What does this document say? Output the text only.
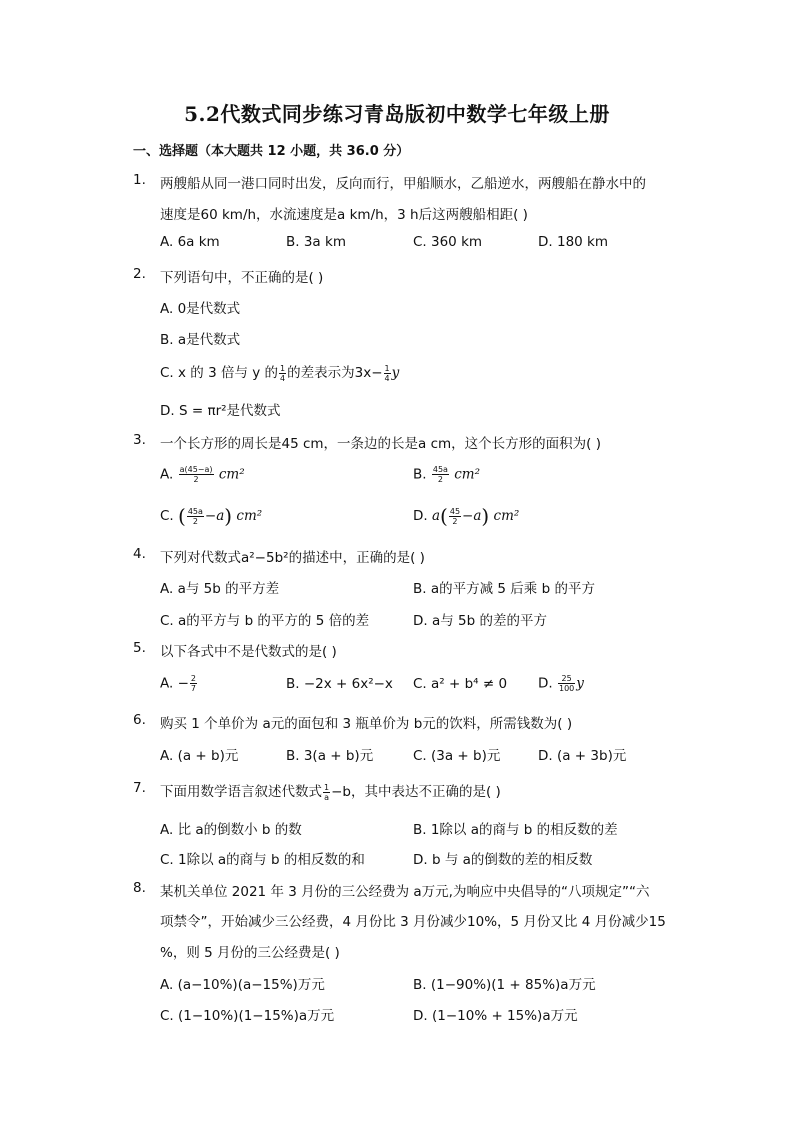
5.2代数式同步练习青岛版初中数学七年级上册
一、选择题（本大题共 12 小题，共 36.0 分）
1.	两艘船从同一港口同时出发，反向而行，甲船顺水，乙船逆水，两艘船在静水中的
速度是60 km/h，水流速度是a km/h，3 h后这两艘船相距( )
A. 6a km	B. 3a km	C. 360 km	D. 180 km
2.	下列语句中，不正确的是( )
A. 0是代数式
B. a是代数式
C. x 的 3 倍与 y 的 $\frac{1}{4}$ 的差表示为$3x- \frac{1}{4}$ y
D. S = πr²是代数式
3.	一个长方形的周长是45 cm，一条边的长是a cm，这个长方形的面积为( )
A. $\frac{a(45-a)}{2} cm^2$	B. $\frac{45a}{2} cm^2$
C. ( $\frac{45a}{2} -a$) cm²	D. $a( \frac{45}{2} -a)$ cm²
4.	下列对代数式a²−5b²的描述中，正确的是( )
A. a与 5b 的平方差	B. a的平方减 5 后乘 b 的平方
C. a的平方与 b 的平方的 5 倍的差	D. a与 5b 的差的平方
5.	以下各式中不是代数式的是( )
A. − $\frac{2}{7}$	B. −2x + 6x²−x C. a² + b⁴ ≠ 0 D. $\frac{25}{100}$ y
6.	购买 1 个单价为 a元的面包和 3 瓶单价为 b元的饮料，所需钱数为( )
A. (a + b)元	B. 3(a + b)元	C. (3a + b)元	D. (a + 3b)元
7.	下面用数学语言叙述代数式 $\frac{1}{a} -b$，其中表达不正确的是( )
A. 比 a的倒数小 b 的数	B. 1除以 a的商与 b 的相反数的差
C. 1除以 a的商与 b 的相反数的和	D. b 与 a的倒数的差的相反数
8.	某机关单位 2021 年 3 月份的三公经费为 a万元,为响应中央倡导的“八项规定”“六
项禁令”，开始减少三公经费，4 月份比 3 月份减少10%，5 月份又比 4 月份减少15
%，则 5 月份的三公经费是( )
A. (a−10%)(a−15%)万元	B. (1−90%)(1 + 85%)a万元
C. (1−10%)(1−15%)a万元	D. (1−10% + 15%)a万元
